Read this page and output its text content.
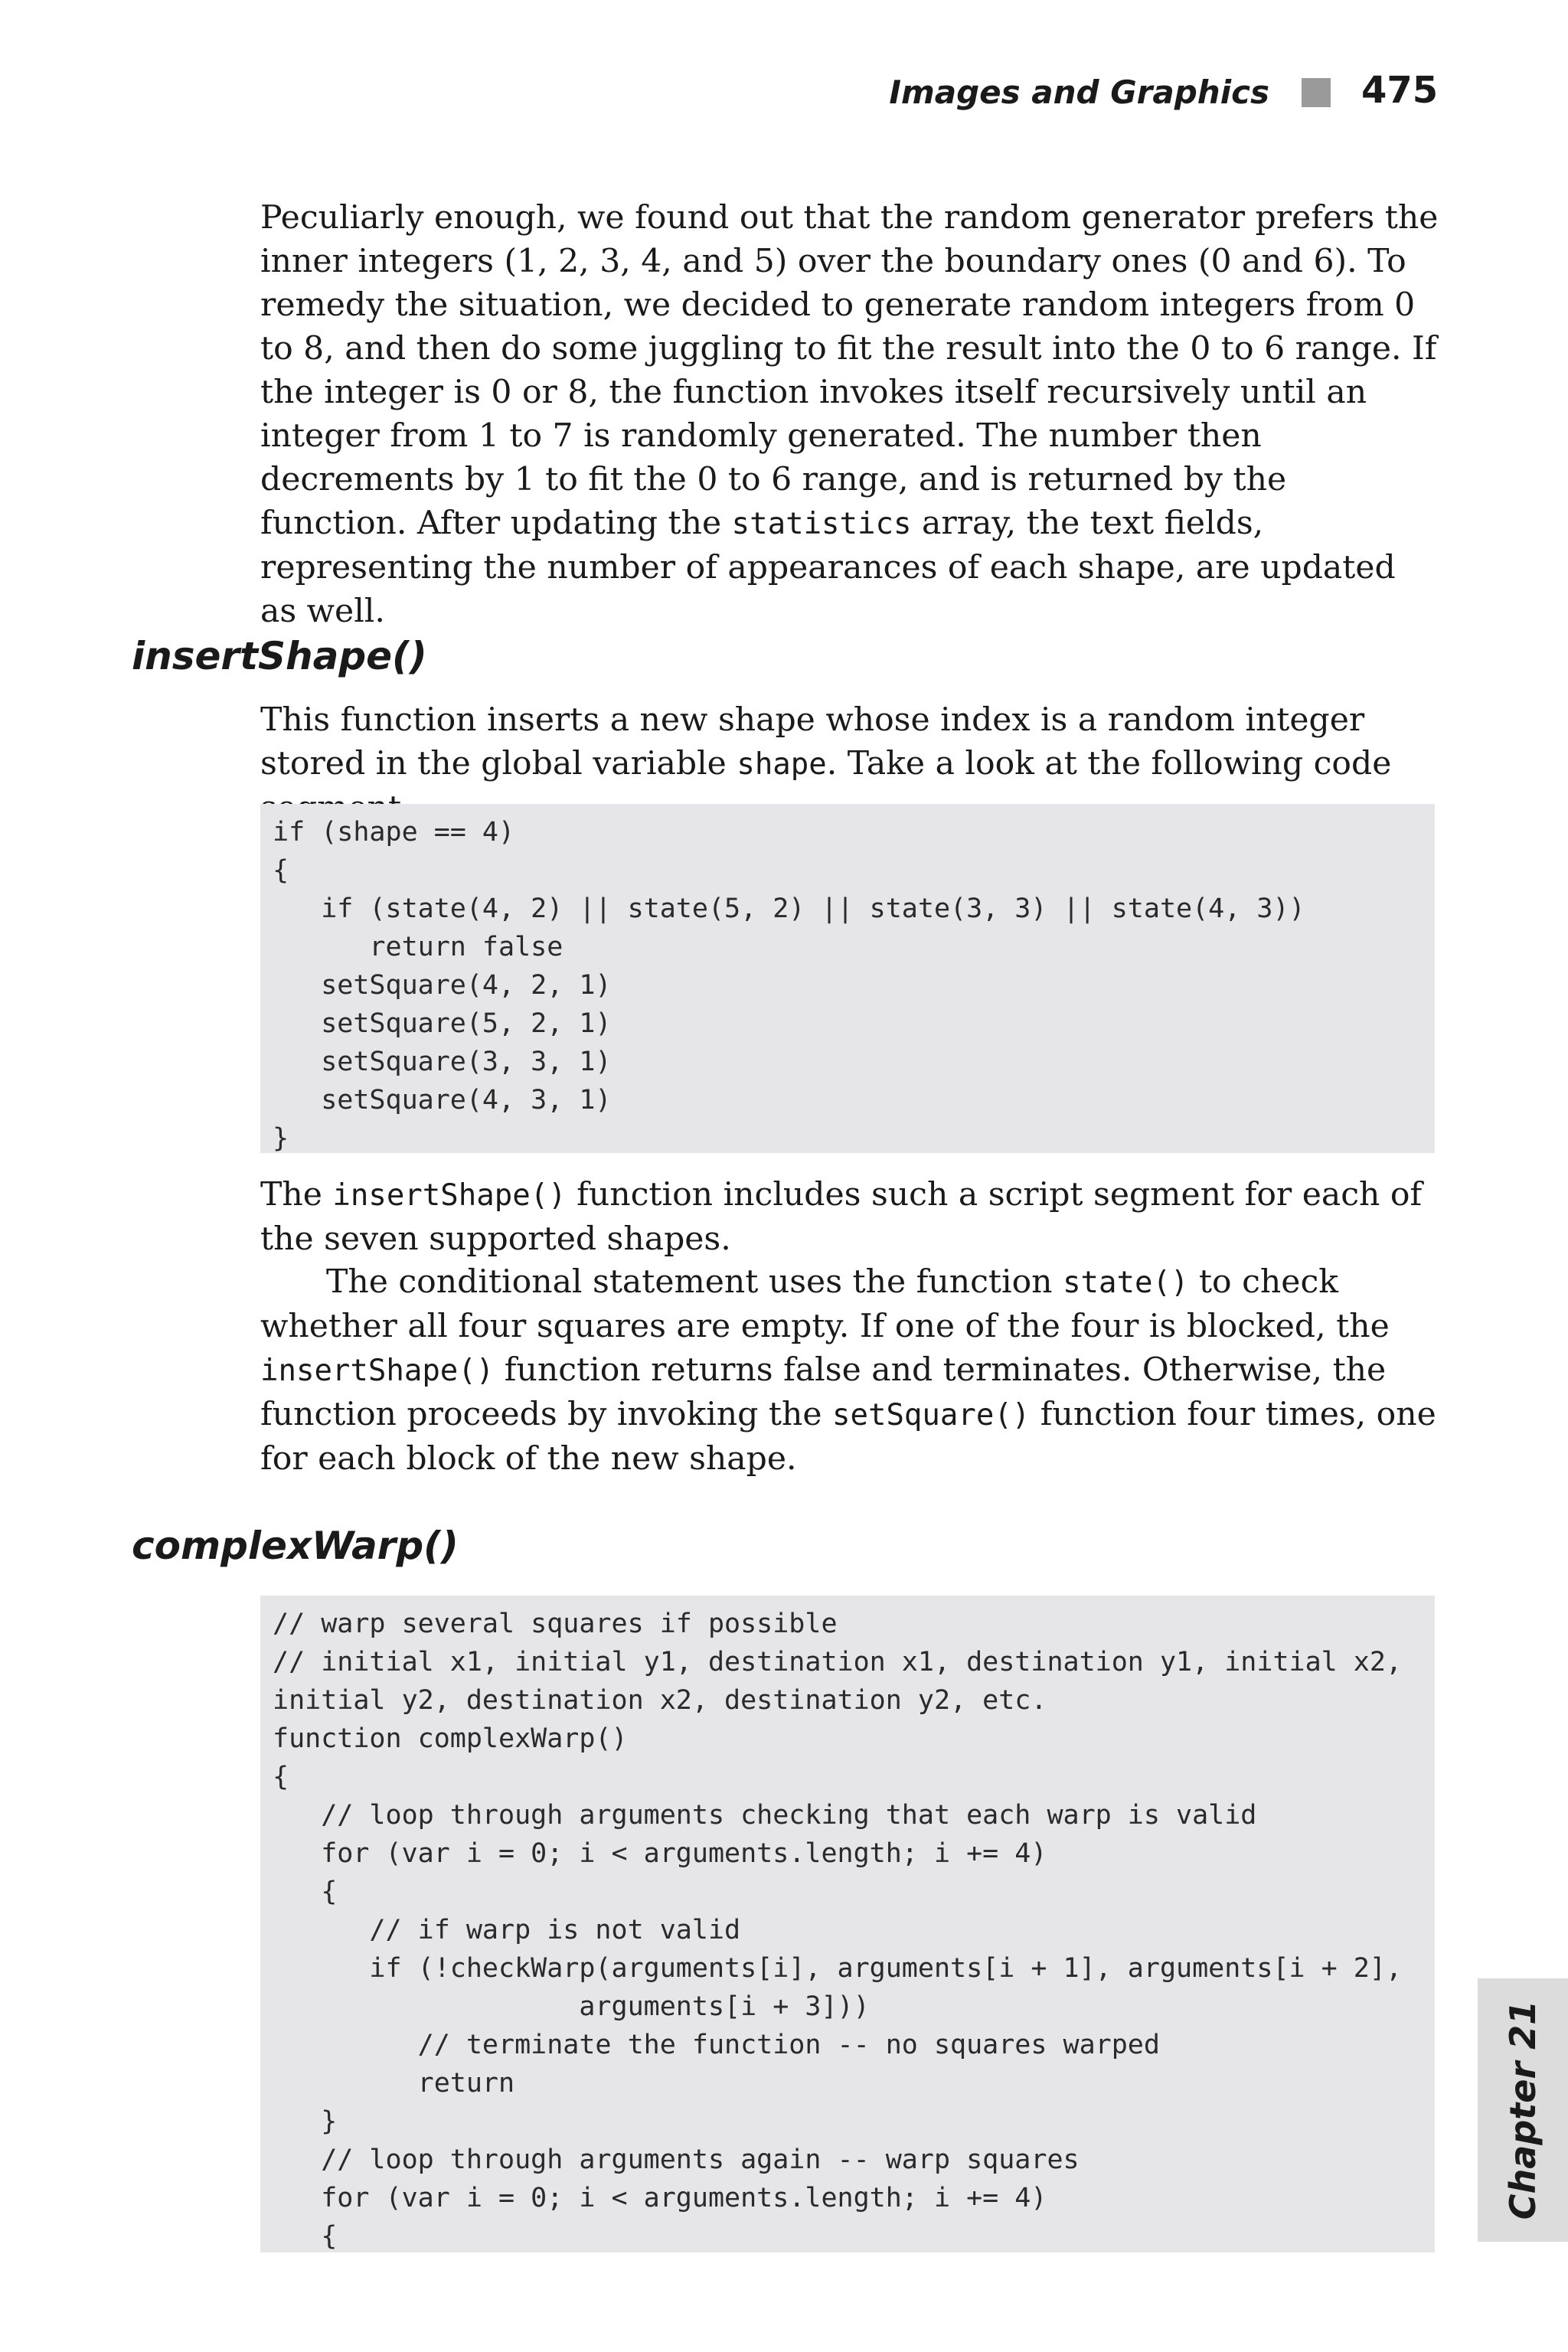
Images and Graphics	475

Peculiarly enough, we found out that the random generator prefers the inner integers (1, 2, 3, 4, and 5) over the boundary ones (0 and 6). To remedy the situation, we decided to generate random integers from 0 to 8, and then do some juggling to fit the result into the 0 to 6 range. If the integer is 0 or 8, the function invokes itself recursively until an integer from 1 to 7 is randomly generated. The number then decrements by 1 to fit the 0 to 6 range, and is returned by the function. After updating the statistics array, the text fields, representing the number of appearances of each shape, are updated as well.

insertShape()

This function inserts a new shape whose index is a random integer stored in the global variable shape. Take a look at the following code

if (shape == 4)
{
if (state(4, 2) || state(5, 2) || state(3, 3) || state(4, 3))
return false
setSquare(4, 2, 1)
setSquare(5, 2, 1)
setSquare(3, 3, 1)
setSquare(4, 3, 1)
}

The insertShape() function includes such a script segment for each of the seven supported shapes.

The conditional statement uses the function state() to check whether all four squares are empty. If one of the four is blocked, the insertShape() function returns false and terminates. Otherwise, the function proceeds by invoking the setSquare() function four times, one for each block of the new shape.

complexWarp()
// warp several squares if possible
// initial x1, initial y1, destination x1, destination y1, initial x2,
initial y2, destination x2, destination y2, etc.
function complexWarp()
{
// loop through arguments checking that each warp is valid
for (var i = 0; i < arguments.length; i += 4)
{
// if warp is not valid
if (!checkWarp(arguments[i], arguments[i + 1], arguments[i + 2],
arguments[i + 3]))
// terminate the function -- no squares warped
return
}
// loop through arguments again -- warp squares
for (var i = 0; i < arguments.length; i += 4)
{
Chapter 21
